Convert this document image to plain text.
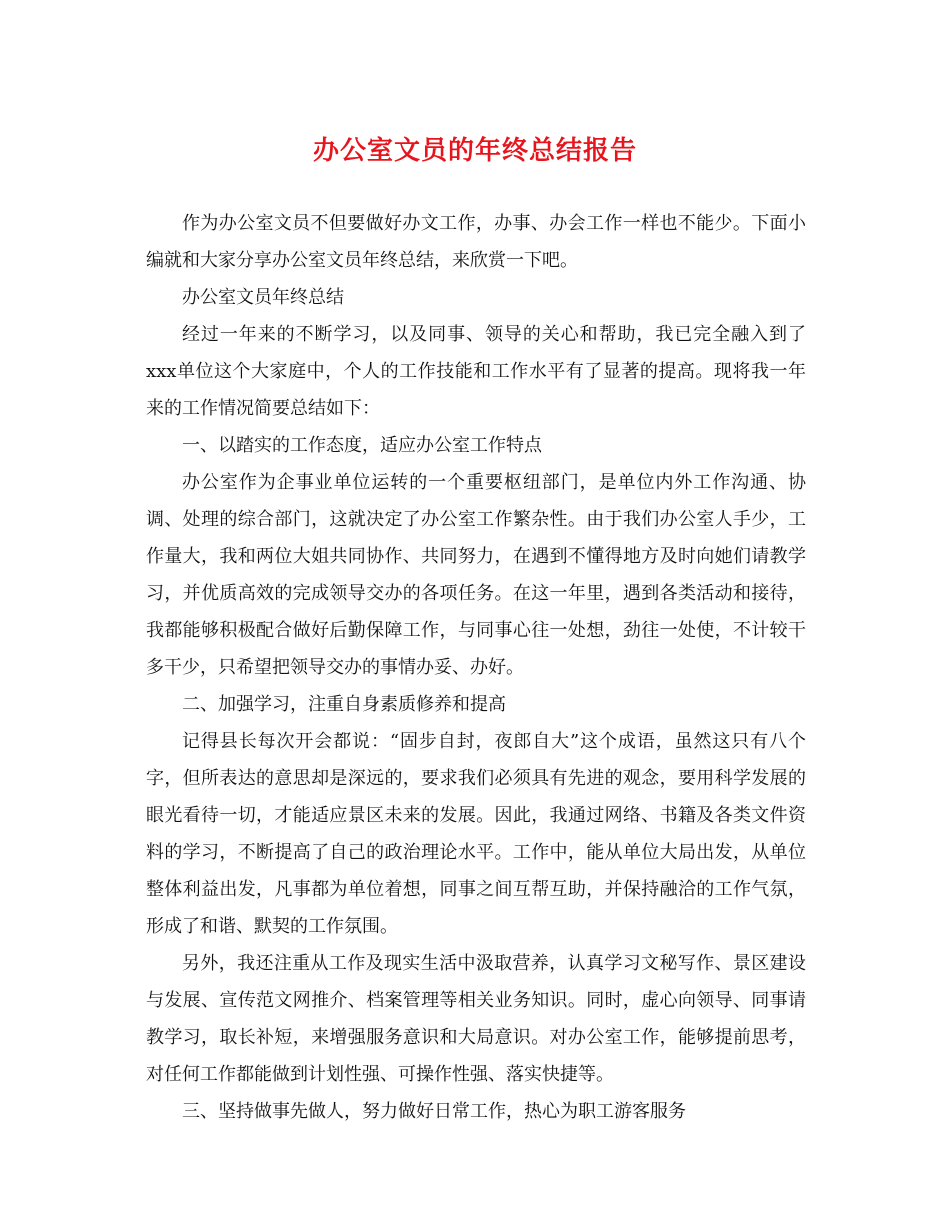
办公室文员的年终总结报告

作为办公室文员不但要做好办文工作，办事、办会工作一样也不能少。下面小编就和大家分享办公室文员年终总结，来欣赏一下吧。

办公室文员年终总结

经过一年来的不断学习，以及同事、领导的关心和帮助，我已完全融入到了xxx单位这个大家庭中，个人的工作技能和工作水平有了显著的提高。现将我一年来的工作情况简要总结如下：

一、以踏实的工作态度，适应办公室工作特点

办公室作为企事业单位运转的一个重要枢纽部门，是单位内外工作沟通、协调、处理的综合部门，这就决定了办公室工作繁杂性。由于我们办公室人手少，工作量大，我和两位大姐共同协作、共同努力，在遇到不懂得地方及时向她们请教学习，并优质高效的完成领导交办的各项任务。在这一年里，遇到各类活动和接待，我都能够积极配合做好后勤保障工作，与同事心往一处想，劲往一处使，不计较干多干少，只希望把领导交办的事情办妥、办好。

二、加强学习，注重自身素质修养和提高

记得县长每次开会都说：“固步自封，夜郎自大”这个成语，虽然这只有八个字，但所表达的意思却是深远的，要求我们必须具有先进的观念，要用科学发展的眼光看待一切，才能适应景区未来的发展。因此，我通过网络、书籍及各类文件资料的学习，不断提高了自己的政治理论水平。工作中，能从单位大局出发，从单位整体利益出发，凡事都为单位着想，同事之间互帮互助，并保持融洽的工作气氛，形成了和谐、默契的工作氛围。

另外，我还注重从工作及现实生活中汲取营养，认真学习文秘写作、景区建设与发展、宣传范文网推介、档案管理等相关业务知识。同时，虚心向领导、同事请教学习，取长补短，来增强服务意识和大局意识。对办公室工作，能够提前思考，对任何工作都能做到计划性强、可操作性强、落实快捷等。

三、坚持做事先做人，努力做好日常工作，热心为职工游客服务
